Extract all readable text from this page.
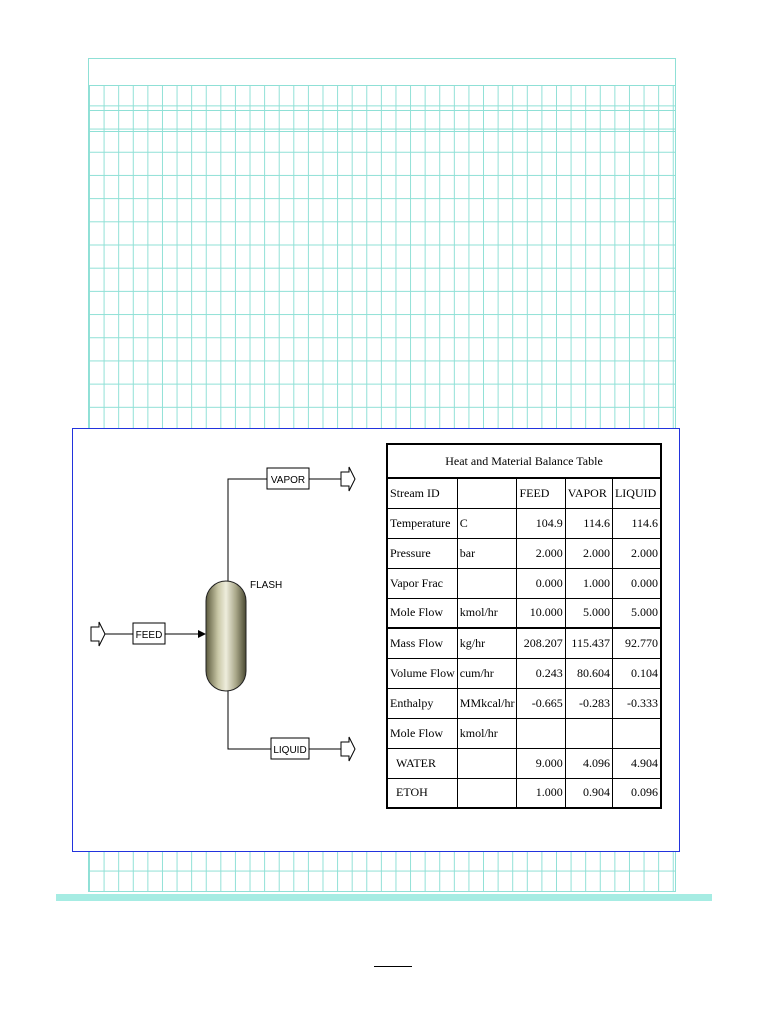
FEED
FLASH
VAPOR
LIQUID
Heat and Material Balance Table				
Stream ID		FEED	VAPOR	LIQUID
Temperature	C	104.9	114.6	114.6
Pressure	bar	2.000	2.000	2.000
Vapor Frac		0.000	1.000	0.000
Mole Flow	kmol/hr	10.000	5.000	5.000
Mass Flow	kg/hr	208.207	115.437	92.770
Volume Flow	cum/hr	0.243	80.604	0.104
Enthalpy	MMkcal/hr	-0.665	-0.283	-0.333
Mole Flow	kmol/hr			
WATER		9.000	4.096	4.904
ETOH		1.000	0.904	0.096
